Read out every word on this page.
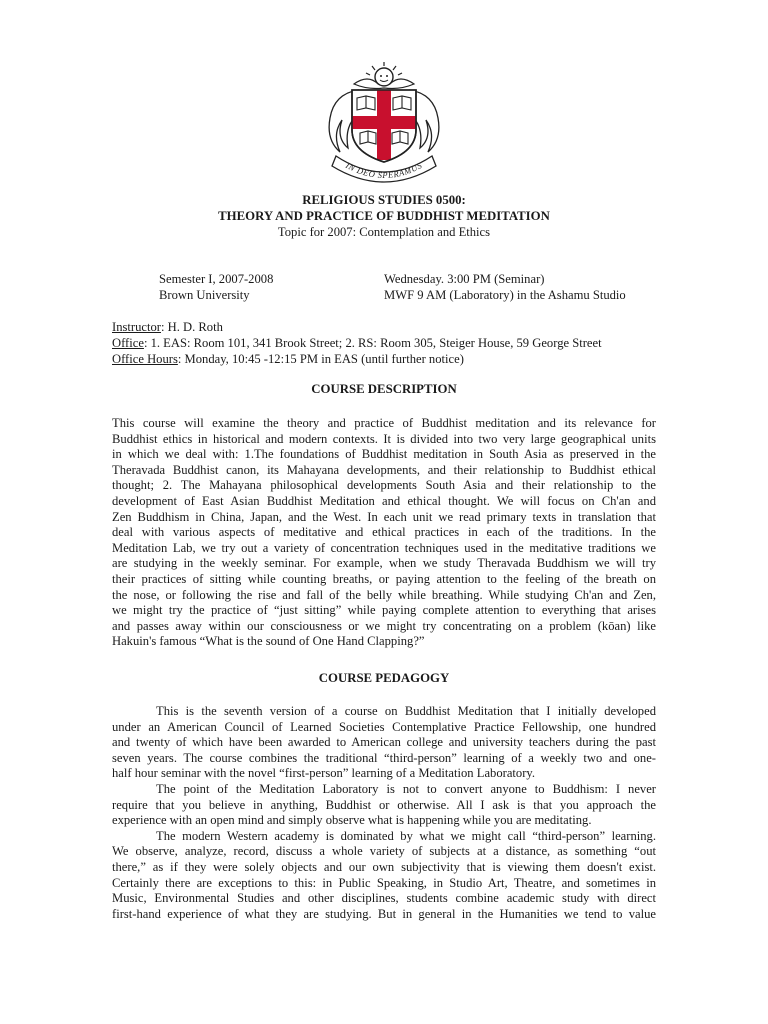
IN DEO SPERAMUS
RELIGIOUS STUDIES 0500:
THEORY AND PRACTICE OF BUDDHIST MEDITATION
Topic for 2007: Contemplation and Ethics
Semester I, 2007-2008	Wednesday. 3:00 PM (Seminar)
Brown University	MWF 9 AM (Laboratory) in the Ashamu Studio
Instructor: H. D. Roth
Office: 1. EAS: Room 101, 341 Brook Street; 2. RS: Room 305, Steiger House, 59 George Street
Office Hours: Monday, 10:45 -12:15 PM in EAS (until further notice)
COURSE DESCRIPTION
This course will examine the theory and practice of Buddhist meditation and its relevance for
Buddhist ethics in historical and modern contexts. It is divided into two very large geographical units
in which we deal with: 1.The foundations of Buddhist meditation in South Asia as preserved in the
Theravada Buddhist canon, its Mahayana developments, and their relationship to Buddhist ethical
thought; 2. The Mahayana philosophical developments South Asia and their relationship to the
development of East Asian Buddhist Meditation and ethical thought. We will focus on Ch'an and
Zen Buddhism in China, Japan, and the West. In each unit we read primary texts in translation that
deal with various aspects of meditative and ethical practices in each of the traditions. In the
Meditation Lab, we try out a variety of concentration techniques used in the meditative traditions we
are studying in the weekly seminar. For example, when we study Theravada Buddhism we will try
their practices of sitting while counting breaths, or paying attention to the feeling of the breath on
the nose, or following the rise and fall of the belly while breathing. While studying Ch'an and Zen,
we might try the practice of “just sitting” while paying complete attention to everything that arises
and passes away within our consciousness or we might try concentrating on a problem (kōan) like
Hakuin's famous “What is the sound of One Hand Clapping?”
COURSE PEDAGOGY
This is the seventh version of a course on Buddhist Meditation that I initially developed
under an American Council of Learned Societies Contemplative Practice Fellowship, one hundred
and twenty of which have been awarded to American college and university teachers during the past
seven years. The course combines the traditional “third-person” learning of a weekly two and one-
half hour seminar with the novel “first-person” learning of a Meditation Laboratory.
The point of the Meditation Laboratory is not to convert anyone to Buddhism: I never
require that you believe in anything, Buddhist or otherwise. All I ask is that you approach the
experience with an open mind and simply observe what is happening while you are meditating.
The modern Western academy is dominated by what we might call “third-person” learning.
We observe, analyze, record, discuss a whole variety of subjects at a distance, as something “out
there,” as if they were solely objects and our own subjectivity that is viewing them doesn't exist.
Certainly there are exceptions to this: in Public Speaking, in Studio Art, Theatre, and sometimes in
Music, Environmental Studies and other disciplines, students combine academic study with direct
first-hand experience of what they are studying. But in general in the Humanities we tend to value
